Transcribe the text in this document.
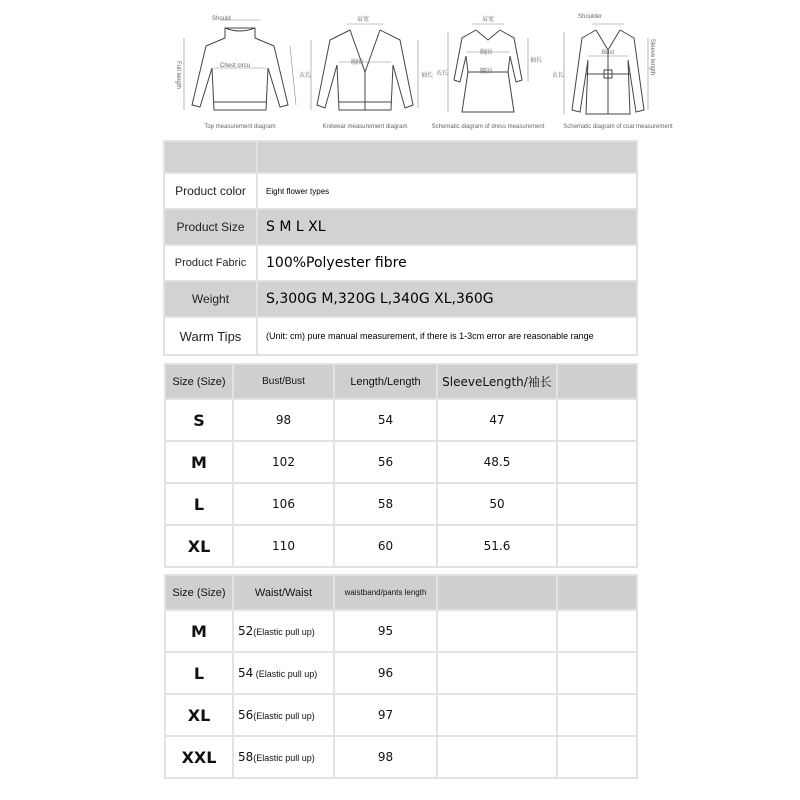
Should
Chest circu
Full length
Top measurement diagram
肩宽
胸围
衣长	袖长
Knitwear measurement diagram
肩宽
胸围
腰围
衣长
袖长
Schematic diagram of dress measurement
Shoulder
Bust
衣长
Sleeve length
Schematic diagram of coat measurement

Product color	Eight flower types
Product Size	S M L XL
Product Fabric	100%Polyester fibre
Weight	S,300G M,320G L,340G XL,360G
Warm Tips	(Unit: cm) pure manual measurement, if there is 1-3cm error are reasonable range
Size (Size)	Bust/Bust	Length/Length	SleeveLength/袖长	
S	98	54	47	
M	102	56	48.5	
L	106	58	50	
XL	110	60	51.6	
Size (Size)	Waist/Waist	waistband/pants length		
M	52(Elastic pull up)	95		
L	54 (Elastic pull up)	96		
XL	56(Elastic pull up)	97		
XXL	58(Elastic pull up)	98		
